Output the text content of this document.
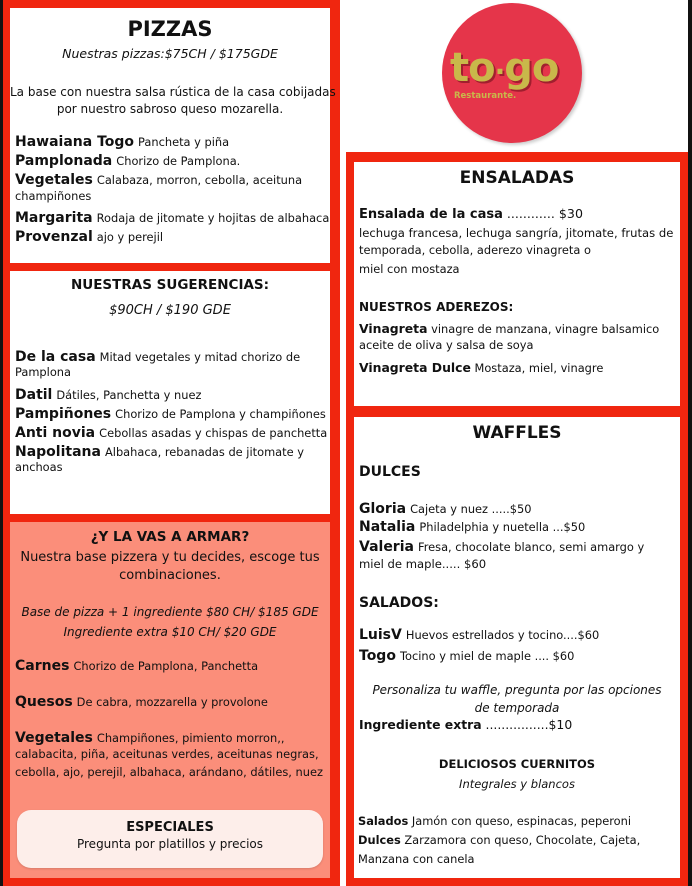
PIZZAS
Nuestras pizzas:$75CH / $175GDE
La base con nuestra salsa rústica de la casa cobijadas
por nuestro sabroso queso mozarella.
Hawaiana Togo Pancheta y piña
Pamplonada Chorizo de Pamplona.
Vegetales Calabaza, morron, cebolla, aceituna
champiñones
Margarita Rodaja de jitomate y hojitas de albahaca
Provenzal ajo y perejil
NUESTRAS SUGERENCIAS:
$90CH / $190 GDE
De la casa Mitad vegetales y mitad chorizo de
Pamplona
Datil Dátiles, Panchetta y nuez
Pampiñones Chorizo de Pamplona y champiñones
Anti novia Cebollas asadas y chispas de panchetta
Napolitana Albahaca, rebanadas de jitomate y
anchoas
¿Y LA VAS A ARMAR?
Nuestra base pizzera y tu decides, escoge tus
combinaciones.
Base de pizza + 1 ingrediente $80 CH/ $185 GDE
Ingrediente extra $10 CH/ $20 GDE
Carnes Chorizo de Pamplona, Panchetta
Quesos De cabra, mozzarella y provolone
Vegetales Champiñones, pimiento morron,,
calabacita, piña, aceitunas verdes, aceitunas negras,
cebolla, ajo, perejil, albahaca, arándano, dátiles, nuez
ESPECIALES
Pregunta por platillos y precios
to·go
Restaurante.
ENSALADAS
Ensalada de la casa ............ $30
lechuga francesa, lechuga sangría, jitomate, frutas de
temporada, cebolla, aderezo vinagreta o
miel con mostaza
NUESTROS ADEREZOS:
Vinagreta vinagre de manzana, vinagre balsamico
aceite de oliva y salsa de soya
Vinagreta Dulce Mostaza, miel, vinagre
WAFFLES
DULCES
Gloria Cajeta y nuez .....$50
Natalia Philadelphia y nuetella ...$50
Valeria Fresa, chocolate blanco, semi amargo y
miel de maple..... $60
SALADOS:
LuisV Huevos estrellados y tocino....$60
Togo Tocino y miel de maple .... $60
Personaliza tu waffle, pregunta por las opciones
de temporada
Ingrediente extra ................$10
DELICIOSOS CUERNITOS
Integrales y blancos
Salados Jamón con queso, espinacas, peperoni
Dulces Zarzamora con queso, Chocolate, Cajeta,
Manzana con canela
